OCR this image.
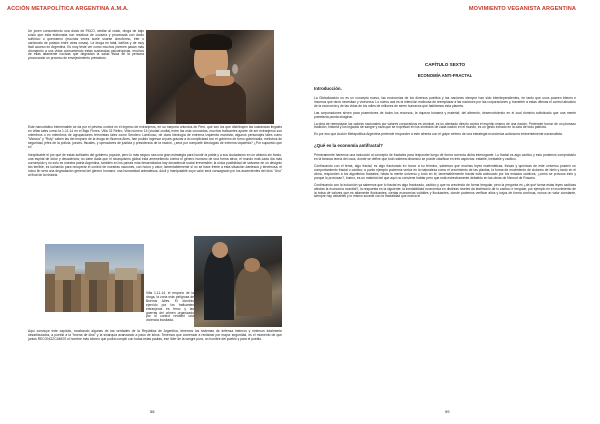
ACCIÓN METAPOLÍTICA ARGENTINA A.M.A.

Un joven consumiendo una dosis de PACO, similar al crack, droga de bajo costo que está elaborada con residuos de cocaína y procesada con ácido sulfúrico o queroseno (muchas veces suele usarse cloroformo, éter o carbonato de potasio entre otras cosas). La droga es fatal, dañina y de muy fácil acceso en Argentina. Es muy triste ver como muchos jóvenes pasan más drómatorio a sus vidas consumiendo estas sustancias psicotrópicas, muchos de ellas altamente nocivas que degradan la salud física de la persona provocando un proceso de envejecimiento prematuro.

Este narcotráfico interminable se da por el pésimo control en el ingreso de extranjeros, en su mayoría oriundos de Perú, que son los que distribuyen las sustancias ilegales en villas tales como la 1-11-14 en el Bajo Flores, Villa 31 Retiro, Villa número 15 (ciudad oculta) entre las más conocidas, muchos traficantes aparte de ser extranjeros son miembros o ex miembros de agrupaciones terroristas tales como Sendero Luminoso, de clara ideología de extrema izquierda marxista; algunos personajes tales como "Marcos" y "Ruty" caben las del emporio de la droga en Buenos Aires, han podido ingresar al país gracias a la complicidad con el gobierno de turno gobernador, ministros de seguridad, jefes de la policía, jueces, fiscales, y operadores de justicia y presidencia de la nación, ¿será por compartir ideologías de extrema izquierda? ¿Por supuesto que sí!

Inexplicable el por qué de estas actitudes del gobierno popular, pero lo más seguro sea una gran estrategia para hundir la patria y a sus ciudadanos en un abismo sin fondo, una espiral de dolor y decadencia; no cabe duda que el sinarquismo global está arremetiendo contra el género humano de una forma atroz, el mundo está cada día más corrompido y no solo es nuestra patria Argentina, también en los países más desarrollados hay decadencia social irreversible; la única posibilidad de salvarse de un designio tan terrible, es luchando para recuperar el control de nuestras naciones, con honor y valor; lamentablemente si no se hace frente a esta situación dantesca y tenebrosa, el único fin será una degradación general del género humano: una humanidad animalesca, dócil y manipulable cuyo valor será consagrado por los ascendentes del dios "Uno" al final de la historia.

Villa 1-11-14, el emporio de la droga, la zona más peligrosa de Buenos Aires. El dominio ejercido por los traficantes extranjeros es feroz y las guerras del crimen organizado por el control revisten una violencia inusitada.

Aquí concluye este capítulo, mostrando algunas de las verdades de la República de Argentina, tenemos los sistemas de defensa internos y externos totalmente desarticulados, a pueblo a la "buena de dios" y la sinarquía avanzando a paso de lobos. Tenemos que comenzar a reclamar por mayor seguridad, es el momento de que juntos RECONOZCAMOS el hombre más idóneo que podrá cumplir con todas estas pautas, ese líder de la sangre pura, un hombre del pueblo y para el pueblo.

58
MOVIMIENTO VEGANISTA ARGENTINA
CAPÍTULO SEXTO
ECONOMÍA ANTI-FRACTAL
Introducción.

La Globalización no es un concepto nuevo, las economías de los diversos pueblos y las naciones siempre han sido interdependientes, en tanto que unos poseen bienes e insumos que otros necesitan y viceversa. Lo nuevo acá es la intención malicosa de reemplazar a las naciones por las corporaciones y, transferir a estas últimas el control absoluto de la economía y de las vidas de los miles de millones de seres humanos que habitamos esta planeta.

Las corporaciones sirven para poseedores de todos los recursos, la riqueza humana y material, del alimento, desenvolviendo en el cual dominio sofisticado que una mente putrefacta pueda imaginar.

La idea de reemplazar los valores nacionales por valores corporativos es criminal, es un atentado directo contra el espíritu mismo de una nación. Pretender borrar de un plumazo tradición, historia y los legados de sangre y raza que se expresan en los símbolos de cada nación en el mundo, es un gesto echado en la cara de todo patriota.

Es por eso que Acción Metapolítica Argentina pretende responder a este afrenta con el golpe certero de una estrategia económica autónoma eminentemente nacionalista.

¿Qué es la economía antifractal?

Primeramente haremos una inducción al concepto de fractales para responder luego de forma correcta dicha interrogante. Lo fractal es algo caótico y esto podemos comprobarlo en la famosa teoría del caos, donde se define que todo sistema dinámico se puede clasificar en tres aspectos: estable, inestable y caótico.

Continuando con el tema, algo fractal, es algo fracturado en honor a su término, sabemos que muchas leyes matemáticas, físicas y químicas de este universo poseen un comportamiento fractal o caótico; a punto ejemplo podemos verlos en la naturaleza como el crecimiento de las plantas, la forma de movimiento de ciclones de hielo y tanto en el clima, responden a los algoritmos fractales; hasta la mente universo y todo en él, lamentablemente fractal está adecuado por los estados caóticos, ¿cómo se provoca esto y porque lo provocan?, bueno, es un material del que aquí no conviene hablar pero que está estrechamente debatido en las obras de Nimrod de Rosario.

Continuando con la inducción ya sabemos que lo fractal es algo fracturado, caótico y que va creciendo de forma irregular, pero la pregunta es ¿de qué forma estas leyes caóticas afectan la economía mundial?, la respuesta es la siguiente: la inestabilidad económica en distintas niveles da testimonio de lo caótico e irregular, por ejemplo en el movimiento de la bolsa de valores que es altamente fluctuantes, ciertas economías volátiles y fluctuantes, donde podemos verificar altos y bajos de forma continua, nunca un valor constante, siempre hay variables y lo mismo sucede con la fractalidad que marca el

59
